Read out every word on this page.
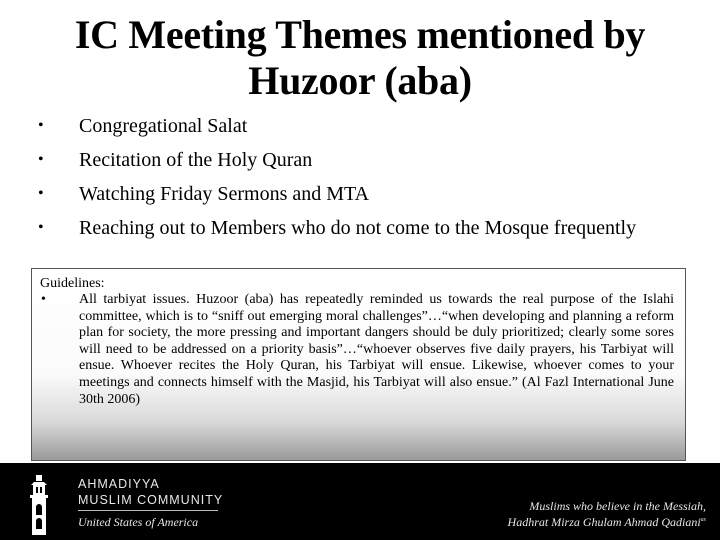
IC Meeting Themes mentioned by Huzoor (aba)
• Congregational Salat
• Recitation of the Holy Quran
• Watching Friday Sermons and MTA
• Reaching out to Members who do not come to the Mosque frequently
Guidelines:
• All tarbiyat issues. Huzoor (aba) has repeatedly reminded us towards the real purpose of the Islahi committee, which is to “sniff out emerging moral challenges”…“when developing and planning a reform plan for society, the more pressing and important dangers should be duly prioritized; clearly some sores will need to be addressed on a priority basis”…“whoever observes five daily prayers, his Tarbiyat will ensue. Whoever recites the Holy Quran, his Tarbiyat will ensue. Likewise, whoever comes to your meetings and connects himself with the Masjid, his Tarbiyat will also ensue.” (Al Fazl International June 30th 2006)
AHMADIYYA
MUSLIM COMMUNITY
United States of America
Muslims who believe in the Messiah,
Hadhrat Mirza Ghulam Ahmad Qadiani$^{as}$
